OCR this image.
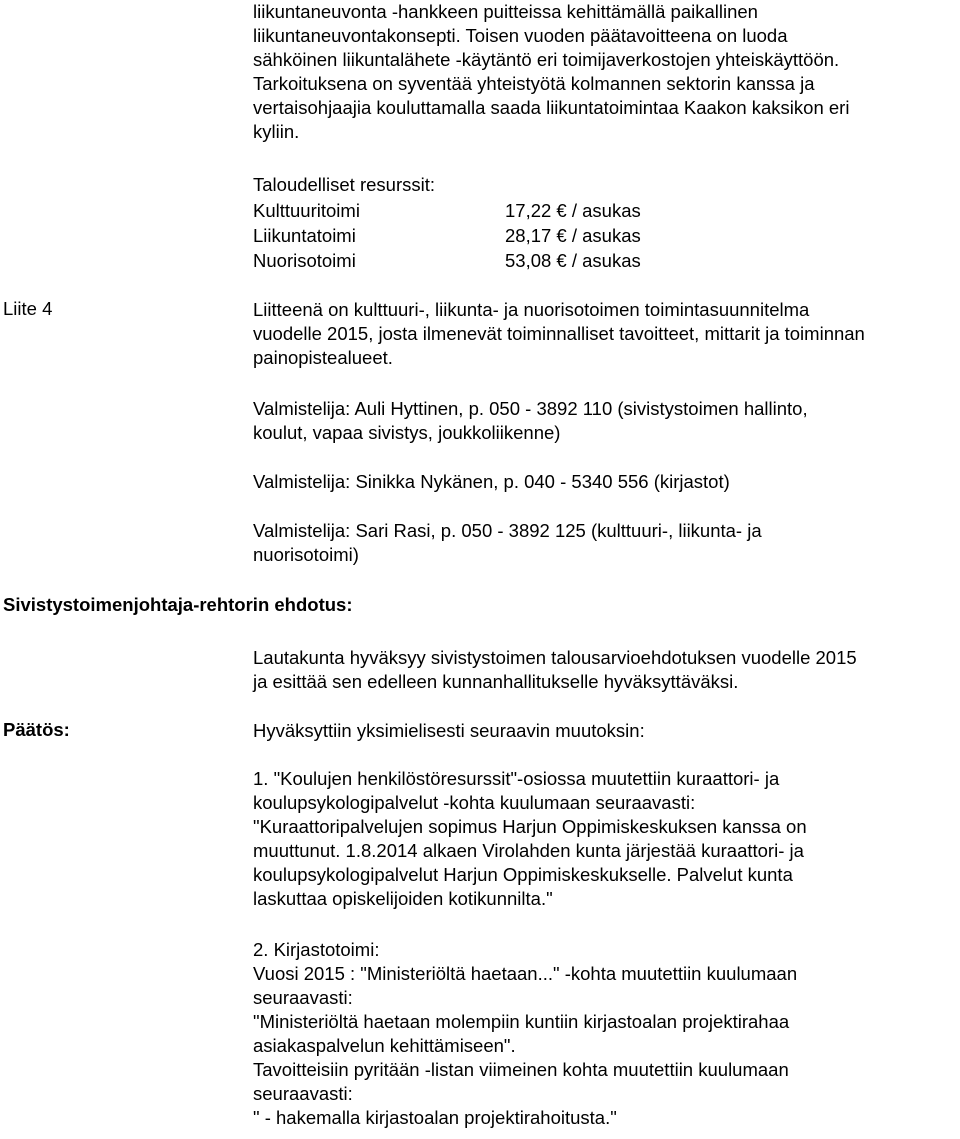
liikuntaneuvonta -hankkeen puitteissa kehittämällä paikallinen
liikuntaneuvontakonsepti. Toisen vuoden päätavoitteena on luoda
sähköinen liikuntalähete -käytäntö eri toimijaverkostojen yhteiskäyttöön.
Tarkoituksena on syventää yhteistyötä kolmannen sektorin kanssa ja
vertaisohjaajia kouluttamalla saada liikuntatoimintaa Kaakon kaksikon eri
kyliin.
Taloudelliset resurssit:
Kulttuuritoimi	17,22 € / asukas
Liikuntatoimi	28,17 € / asukas
Nuorisotoimi	53,08 € / asukas
Liite 4	Liitteenä on kulttuuri-, liikunta- ja nuorisotoimen toimintasuunnitelma
vuodelle 2015, josta ilmenevät toiminnalliset tavoitteet, mittarit ja toiminnan
painopistealueet.
Valmistelija: Auli Hyttinen, p. 050 - 3892 110 (sivistystoimen hallinto,
koulut, vapaa sivistys, joukkoliikenne)
Valmistelija: Sinikka Nykänen, p. 040 - 5340 556 (kirjastot)
Valmistelija: Sari Rasi, p. 050 - 3892 125 (kulttuuri-, liikunta- ja
nuorisotoimi)
Sivistystoimenjohtaja-rehtorin ehdotus:
Lautakunta hyväksyy sivistystoimen talousarvioehdotuksen vuodelle 2015
ja esittää sen edelleen kunnanhallitukselle hyväksyttäväksi.
Päätös:	Hyväksyttiin yksimielisesti seuraavin muutoksin:
1. "Koulujen henkilöstöresurssit"-osiossa muutettiin kuraattori- ja
koulupsykologipalvelut -kohta kuulumaan seuraavasti:
"Kuraattoripalvelujen sopimus Harjun Oppimiskeskuksen kanssa on
muuttunut. 1.8.2014 alkaen Virolahden kunta järjestää kuraattori- ja
koulupsykologipalvelut Harjun Oppimiskeskukselle. Palvelut kunta
laskuttaa opiskelijoiden kotikunnilta."
2. Kirjastotoimi:
Vuosi 2015 : "Ministeriöltä haetaan..." -kohta muutettiin kuulumaan
seuraavasti:
"Ministeriöltä haetaan molempiin kuntiin kirjastoalan projektirahaa
asiakaspalvelun kehittämiseen".
Tavoitteisiin pyritään -listan viimeinen kohta muutettiin kuulumaan
seuraavasti:
" - hakemalla kirjastoalan projektirahoitusta."
